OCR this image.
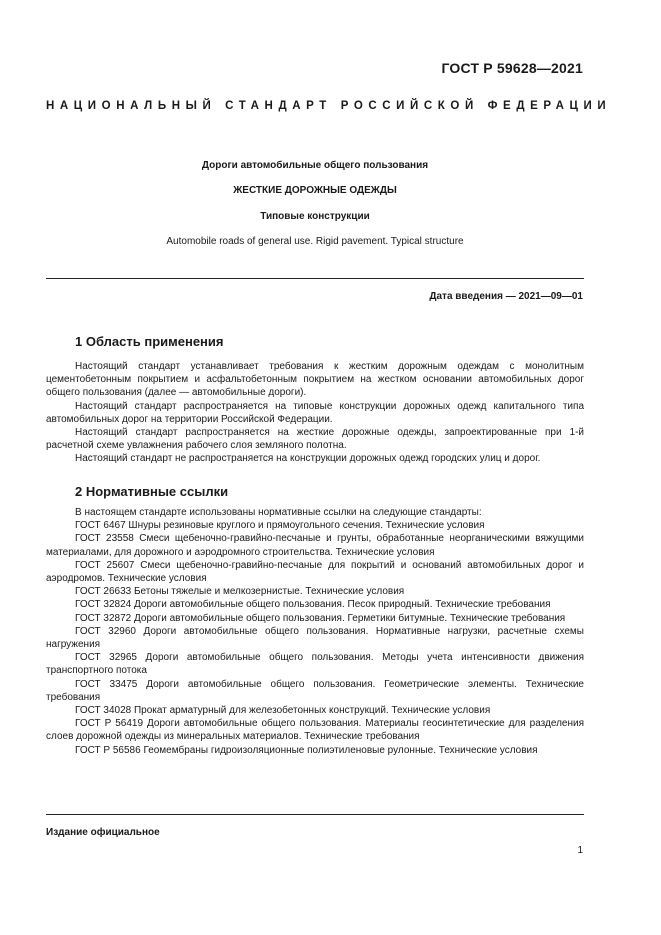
ГОСТ Р 59628—2021
НАЦИОНАЛЬНЫЙ СТАНДАРТ РОССИЙСКОЙ ФЕДЕРАЦИИ
Дороги автомобильные общего пользования
ЖЕСТКИЕ ДОРОЖНЫЕ ОДЕЖДЫ
Типовые конструкции
Automobile roads of general use. Rigid pavement. Typical structure
Дата введения — 2021—09—01
1 Область применения

Настоящий стандарт устанавливает требования к жестким дорожным одеждам с монолитным цементобетонным покрытием и асфальтобетонным покрытием на жестком основании автомобильных дорог общего пользования (далее — автомобильные дороги).

Настоящий стандарт распространяется на типовые конструкции дорожных одежд капитального типа автомобильных дорог на территории Российской Федерации.

Настоящий стандарт распространяется на жесткие дорожные одежды, запроектированные при 1-й расчетной схеме увлажнения рабочего слоя земляного полотна.

Настоящий стандарт не распространяется на конструкции дорожных одежд городских улиц и дорог.

2 Нормативные ссылки

В настоящем стандарте использованы нормативные ссылки на следующие стандарты:

ГОСТ 6467 Шнуры резиновые круглого и прямоугольного сечения. Технические условия

ГОСТ 23558 Смеси щебеночно-гравийно-песчаные и грунты, обработанные неорганическими вяжущими материалами, для дорожного и аэродромного строительства. Технические условия

ГОСТ 25607 Смеси щебеночно-гравийно-песчаные для покрытий и оснований автомобильных дорог и аэродромов. Технические условия

ГОСТ 26633 Бетоны тяжелые и мелкозернистые. Технические условия

ГОСТ 32824 Дороги автомобильные общего пользования. Песок природный. Технические требования

ГОСТ 32872 Дороги автомобильные общего пользования. Герметики битумные. Технические требования

ГОСТ 32960 Дороги автомобильные общего пользования. Нормативные нагрузки, расчетные схемы нагружения

ГОСТ 32965 Дороги автомобильные общего пользования. Методы учета интенсивности движения транспортного потока

ГОСТ 33475 Дороги автомобильные общего пользования. Геометрические элементы. Технические требования

ГОСТ 34028 Прокат арматурный для железобетонных конструкций. Технические условия

ГОСТ Р 56419 Дороги автомобильные общего пользования. Материалы геосинтетические для разделения слоев дорожной одежды из минеральных материалов. Технические требования

ГОСТ Р 56586 Геомембраны гидроизоляционные полиэтиленовые рулонные. Технические условия

Издание официальное
1
